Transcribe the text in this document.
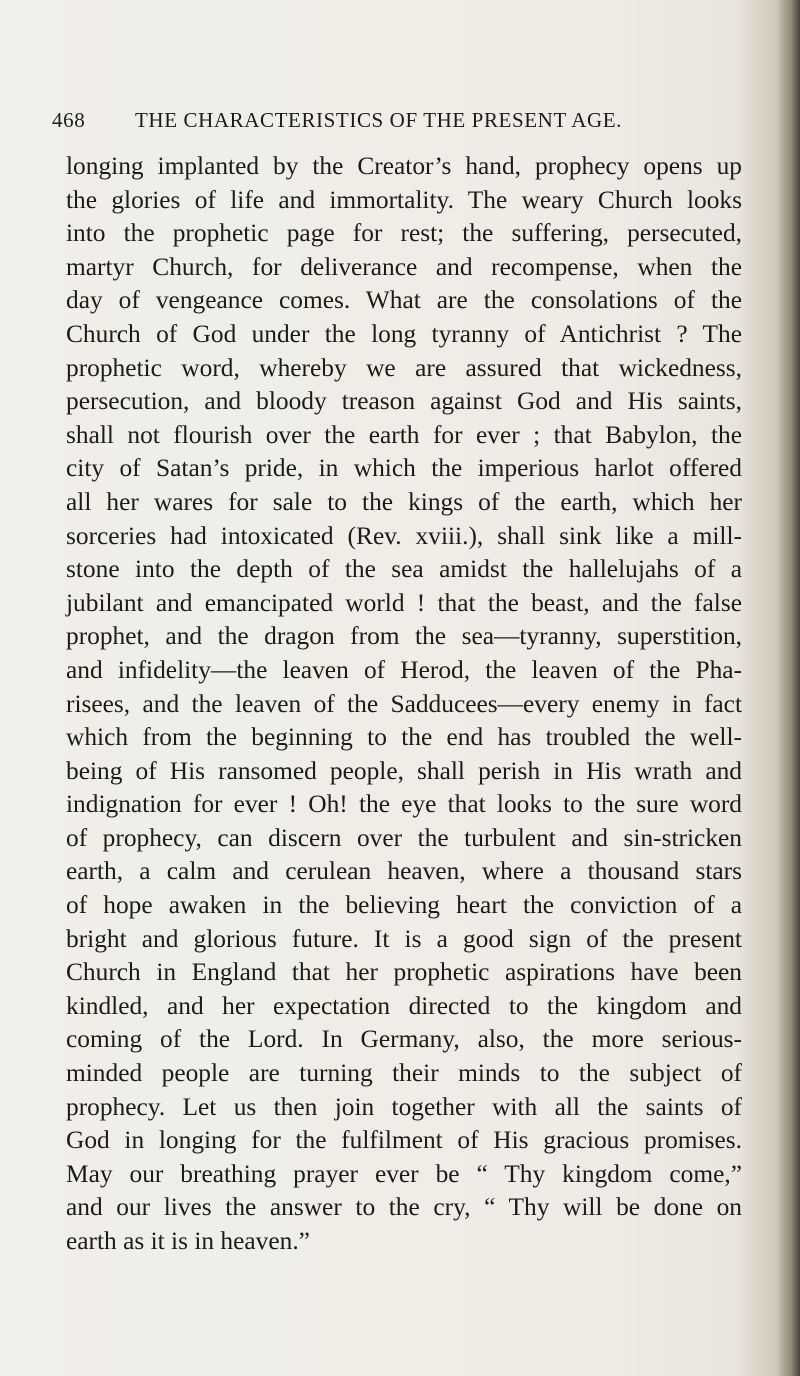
468 THE CHARACTERISTICS OF THE PRESENT AGE.
longing implanted by the Creator’s hand, prophecy opens up
the glories of life and immortality. The weary Church looks
into the prophetic page for rest; the suffering, persecuted,
martyr Church, for deliverance and recompense, when the
day of vengeance comes. What are the consolations of the
Church of God under the long tyranny of Antichrist ? The
prophetic word, whereby we are assured that wickedness,
persecution, and bloody treason against God and His saints,
shall not flourish over the earth for ever ; that Babylon, the
city of Satan’s pride, in which the imperious harlot offered
all her wares for sale to the kings of the earth, which her
sorceries had intoxicated (Rev. xviii.), shall sink like a mill-
stone into the depth of the sea amidst the hallelujahs of a
jubilant and emancipated world ! that the beast, and the false
prophet, and the dragon from the sea—tyranny, superstition,
and infidelity—the leaven of Herod, the leaven of the Pha-
risees, and the leaven of the Sadducees—every enemy in fact
which from the beginning to the end has troubled the well-
being of His ransomed people, shall perish in His wrath and
indignation for ever ! Oh! the eye that looks to the sure word
of prophecy, can discern over the turbulent and sin-stricken
earth, a calm and cerulean heaven, where a thousand stars
of hope awaken in the believing heart the conviction of a
bright and glorious future. It is a good sign of the present
Church in England that her prophetic aspirations have been
kindled, and her expectation directed to the kingdom and
coming of the Lord. In Germany, also, the more serious-
minded people are turning their minds to the subject of
prophecy. Let us then join together with all the saints of
God in longing for the fulfilment of His gracious promises.
May our breathing prayer ever be “ Thy kingdom come,”
and our lives the answer to the cry, “ Thy will be done on
earth as it is in heaven.”
